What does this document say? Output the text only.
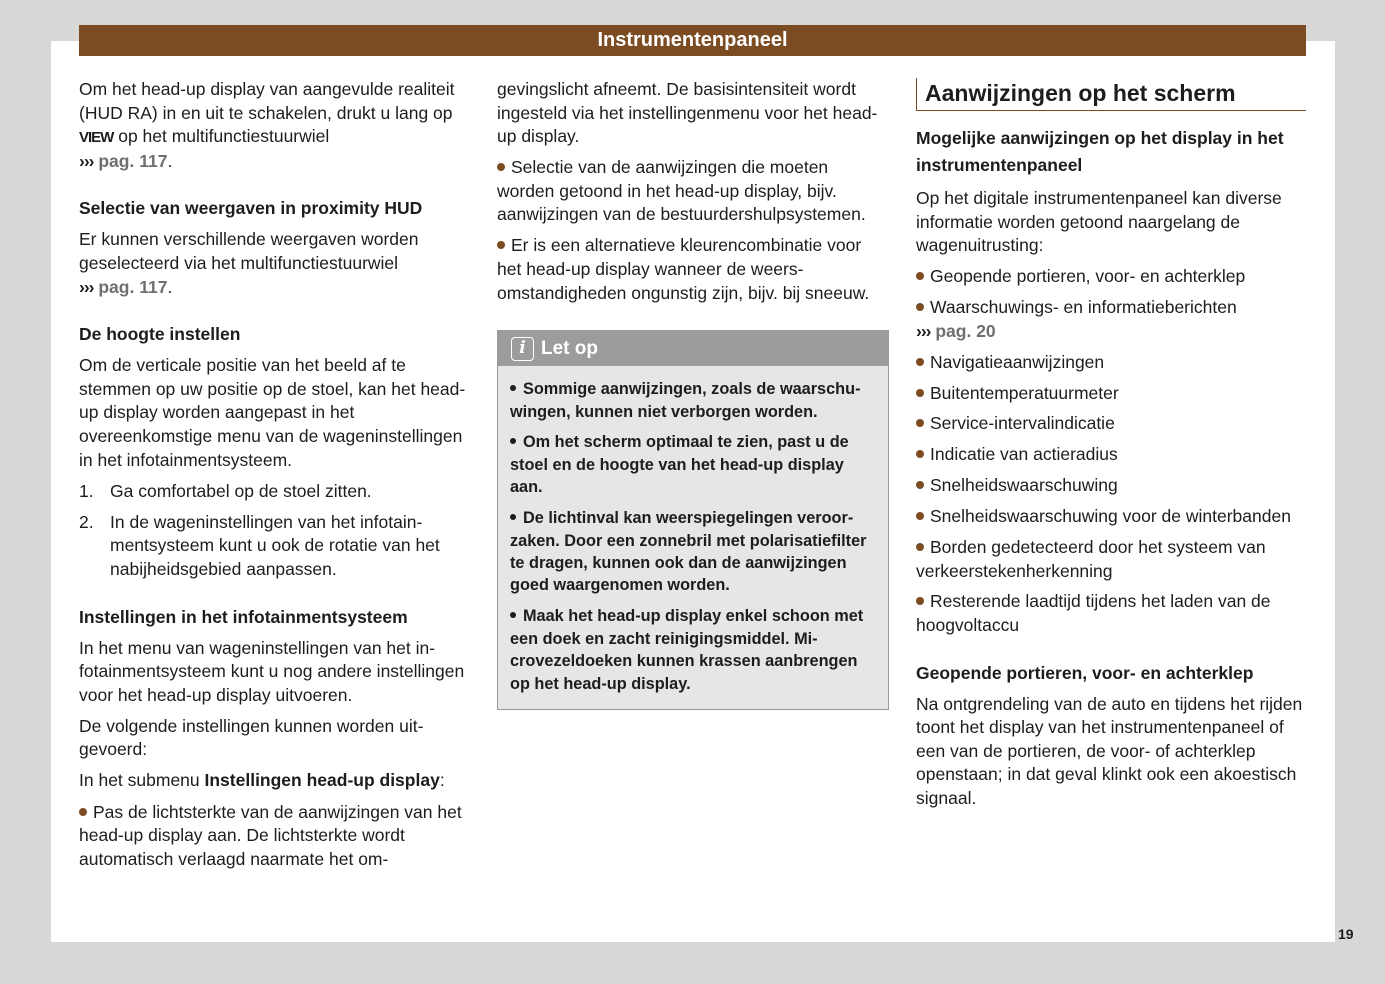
Instrumentenpaneel

Om het head-up display van aangevulde realiteit (HUD RA) in en uit te schakelen, drukt u lang op VIEW op het multifunctiestuurwiel
››› pag. 117.

Selectie van weergaven in proximity HUD

Er kunnen verschillende weergaven worden geselecteerd via het multifunctiestuurwiel
››› pag. 117.

De hoogte instellen

Om de verticale positie van het beeld af te stemmen op uw positie op de stoel, kan het head-up display worden aangepast in het overeenkomstige menu van de wageninstellingen in het infotainmentsysteem.

1. Ga comfortabel op de stoel zitten.
2. In de wageninstellingen van het infotainmentsysteem kunt u ook de rotatie van het nabijheidsgebied aanpassen.
Instellingen in het infotainmentsysteem

In het menu van wageninstellingen van het infotainmentsysteem kunt u nog andere instellingen voor het head-up display uitvoeren.

De volgende instellingen kunnen worden uitgevoerd:

In het submenu Instellingen head-up display:

Pas de lichtsterkte van de aanwijzingen van het head-up display aan. De lichtsterkte wordt automatisch verlaagd naarmate het om-

gevingslicht afneemt. De basisintensiteit wordt ingesteld via het instellingenmenu voor het head-up display.

Selectie van de aanwijzingen die moeten worden getoond in het head-up display, bijv. aanwijzingen van de bestuurdershulpsystemen.

Er is een alternatieve kleurencombinatie voor het head-up display wanneer de weersomstandigheden ongunstig zijn, bijv. bij sneeuw.

i Let op

Sommige aanwijzingen, zoals de waarschuwingen, kunnen niet verborgen worden.

Om het scherm optimaal te zien, past u de stoel en de hoogte van het head-up display aan.

De lichtinval kan weerspiegelingen veroorzaken. Door een zonnebril met polarisatiefilter te dragen, kunnen ook dan de aanwijzingen goed waargenomen worden.

Maak het head-up display enkel schoon met een doek en zacht reinigingsmiddel. Microvezeldoeken kunnen krassen aanbrengen op het head-up display.

Aanwijzingen op het scherm
Mogelijke aanwijzingen op het display in het instrumentenpaneel

Op het digitale instrumentenpaneel kan diverse informatie worden getoond naargelang de wagenuitrusting:

Geopende portieren, voor- en achterklep

Waarschuwings- en informatieberichten
››› pag. 20

Navigatieaanwijzingen

Buitentemperatuurmeter

Service-intervalindicatie

Indicatie van actieradius

Snelheidswaarschuwing

Snelheidswaarschuwing voor de winterbanden

Borden gedetecteerd door het systeem van verkeerstekenherkenning

Resterende laadtijd tijdens het laden van de hoogvoltaccu

Geopende portieren, voor- en achterklep

Na ontgrendeling van de auto en tijdens het rijden toont het display van het instrumentenpaneel of een van de portieren, de voor- of achterklep openstaan; in dat geval klinkt ook een akoestisch signaal.

19
